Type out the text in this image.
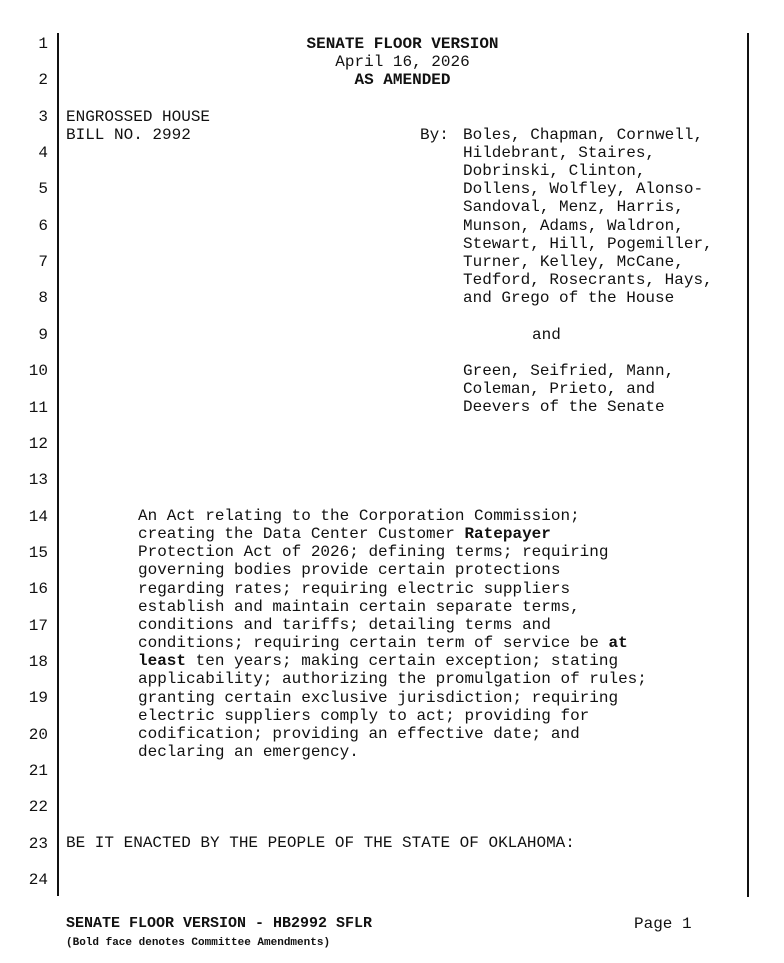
1
2
3
4
5
6
7
8
9
10
11
12
13
14
15
16
17
18
19
20
21
22
23
24
SENATE FLOOR VERSION
April 16, 2026
AS AMENDED
ENGROSSED HOUSE
BILL NO. 2992	By: Boles, Chapman, Cornwell,
Hildebrant, Staires,
Dobrinski, Clinton,
Dollens, Wolfley, Alonso-
Sandoval, Menz, Harris,
Munson, Adams, Waldron,
Stewart, Hill, Pogemiller,
Turner, Kelley, McCane,
Tedford, Rosecrants, Hays,
and Grego of the House
and
Green, Seifried, Mann,
Coleman, Prieto, and
Deevers of the Senate
An Act relating to the Corporation Commission;
creating the Data Center Customer Ratepayer
Protection Act of 2026; defining terms; requiring
governing bodies provide certain protections
regarding rates; requiring electric suppliers
establish and maintain certain separate terms,
conditions and tariffs; detailing terms and
conditions; requiring certain term of service be at
least ten years; making certain exception; stating
applicability; authorizing the promulgation of rules;
granting certain exclusive jurisdiction; requiring
electric suppliers comply to act; providing for
codification; providing an effective date; and
declaring an emergency.
BE IT ENACTED BY THE PEOPLE OF THE STATE OF OKLAHOMA:
SENATE FLOOR VERSION - HB2992 SFLR
(Bold face denotes Committee Amendments)
Page 1
